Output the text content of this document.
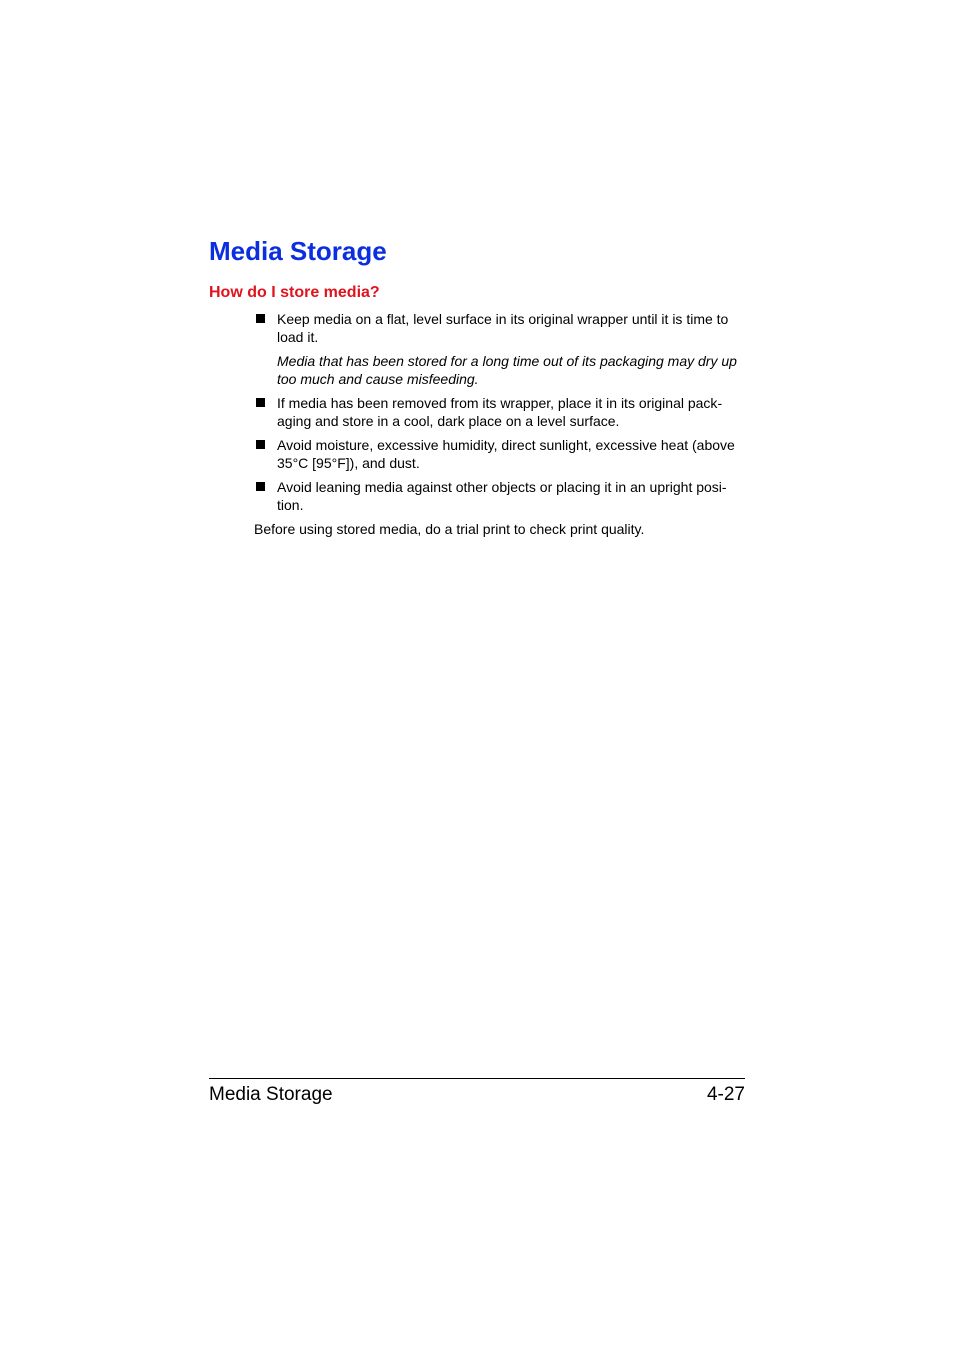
Media Storage
How do I store media?
Keep media on a flat, level surface in its original wrapper until it is time to load it.
Media that has been stored for a long time out of its packaging may dry up too much and cause misfeeding.
If media has been removed from its wrapper, place it in its original packaging and store in a cool, dark place on a level surface.
Avoid moisture, excessive humidity, direct sunlight, excessive heat (above 35°C [95°F]), and dust.
Avoid leaning media against other objects or placing it in an upright position.

Before using stored media, do a trial print to check print quality.

Media Storage	4-27
